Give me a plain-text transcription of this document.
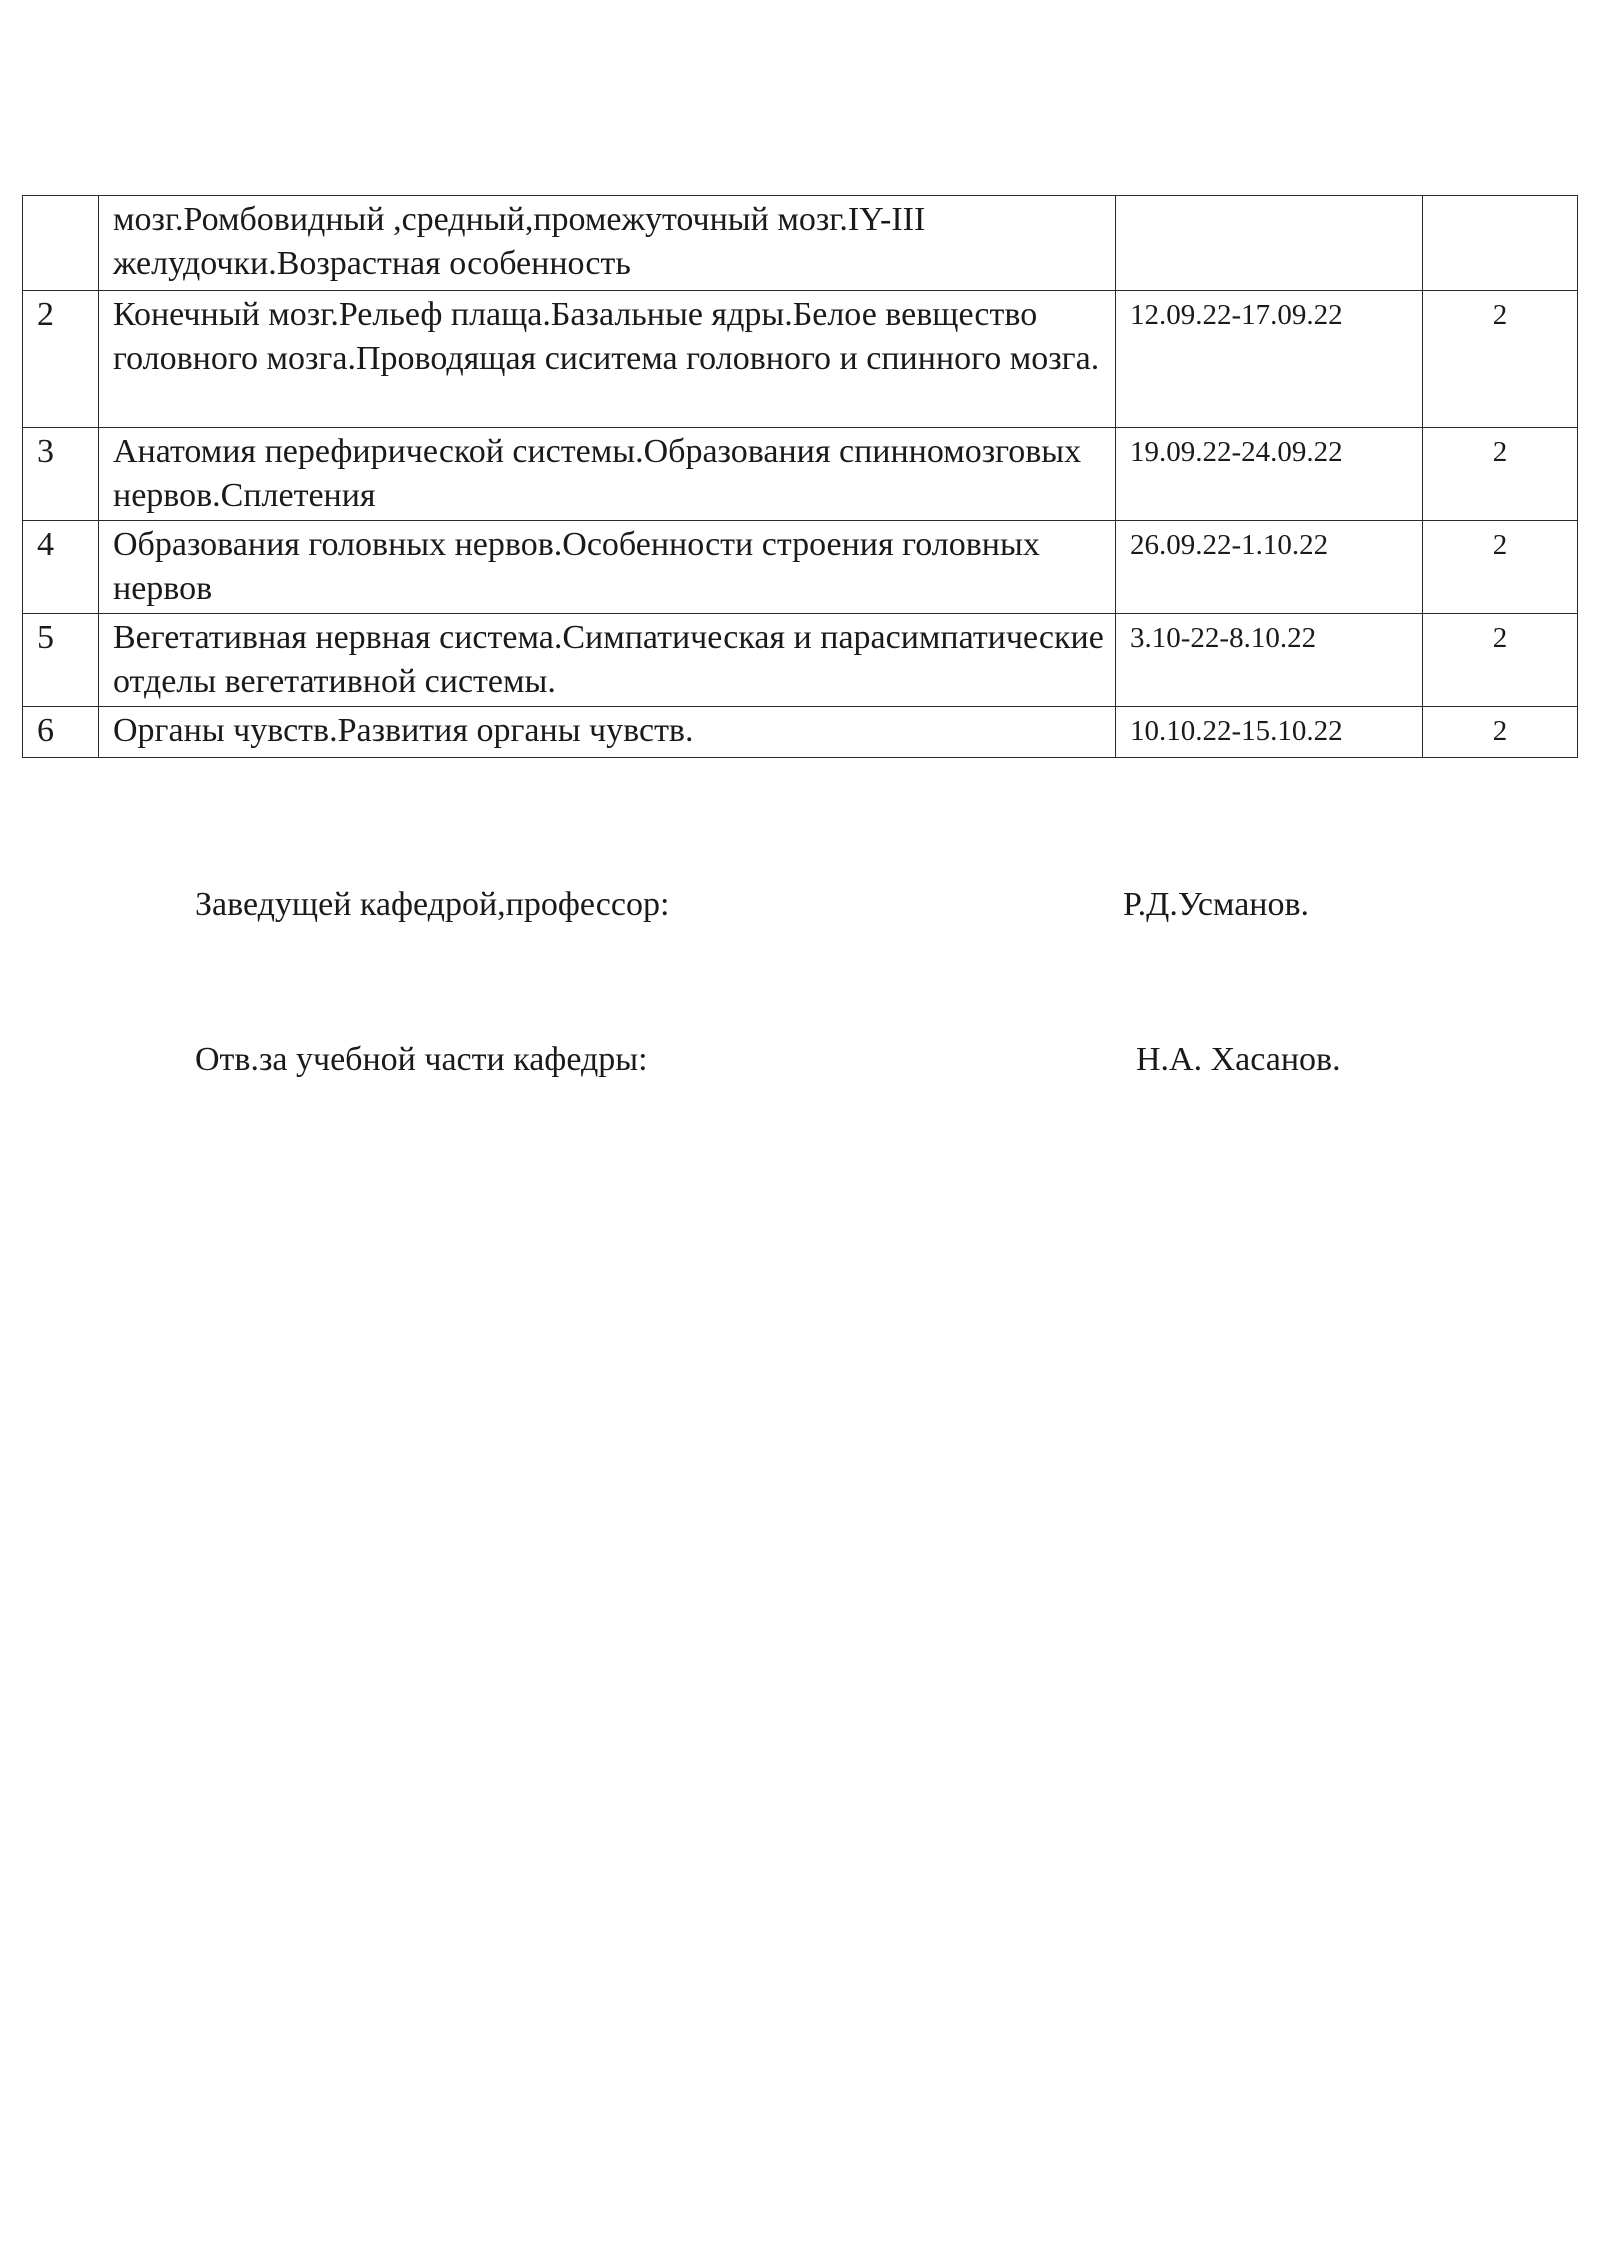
	мозг.Ромбовидный ,средный,промежуточный мозг.IY-III желудочки.Возрастная особенность		
2	Конечный мозг.Рельеф плаща.Базальные ядры.Белое вевщество головного мозга.Проводящая сиситема головного и спинного мозга.	12.09.22-17.09.22	2
3	Анатомия перефирической системы.Образования спинномозговых нервов.Сплетения	19.09.22-24.09.22	2
4	Образования головных нервов.Особенности строения головных нервов	26.09.22-1.10.22	2
5	Вегетативная нервная система.Симпатическая и парасимпатические отделы вегетативной системы.	3.10-22-8.10.22	2
6	Органы чувств.Развития органы чувств.	10.10.22-15.10.22	2
Заведущей кафедрой,профессор:	Р.Д.Усманов.
Отв.за учебной части кафедры:	Н.А. Хасанов.
